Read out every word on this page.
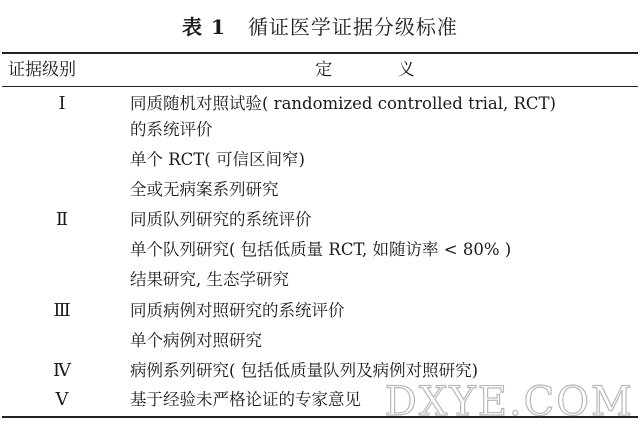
表 1 循证医学证据分级标准
证据级别	定 义
Ⅰ	同质随机对照试验( randomized controlled trial, RCT)
的系统评价
单个 RCT( 可信区间窄)
全或无病案系列研究
Ⅱ	同质队列研究的系统评价
单个队列研究( 包括低质量 RCT, 如随访率 < 80% )
结果研究, 生态学研究
Ⅲ	同质病例对照研究的系统评价
单个病例对照研究
Ⅳ	病例系列研究( 包括低质量队列及病例对照研究)
Ⅴ	基于经验未严格论证的专家意见 DXYE.COM
